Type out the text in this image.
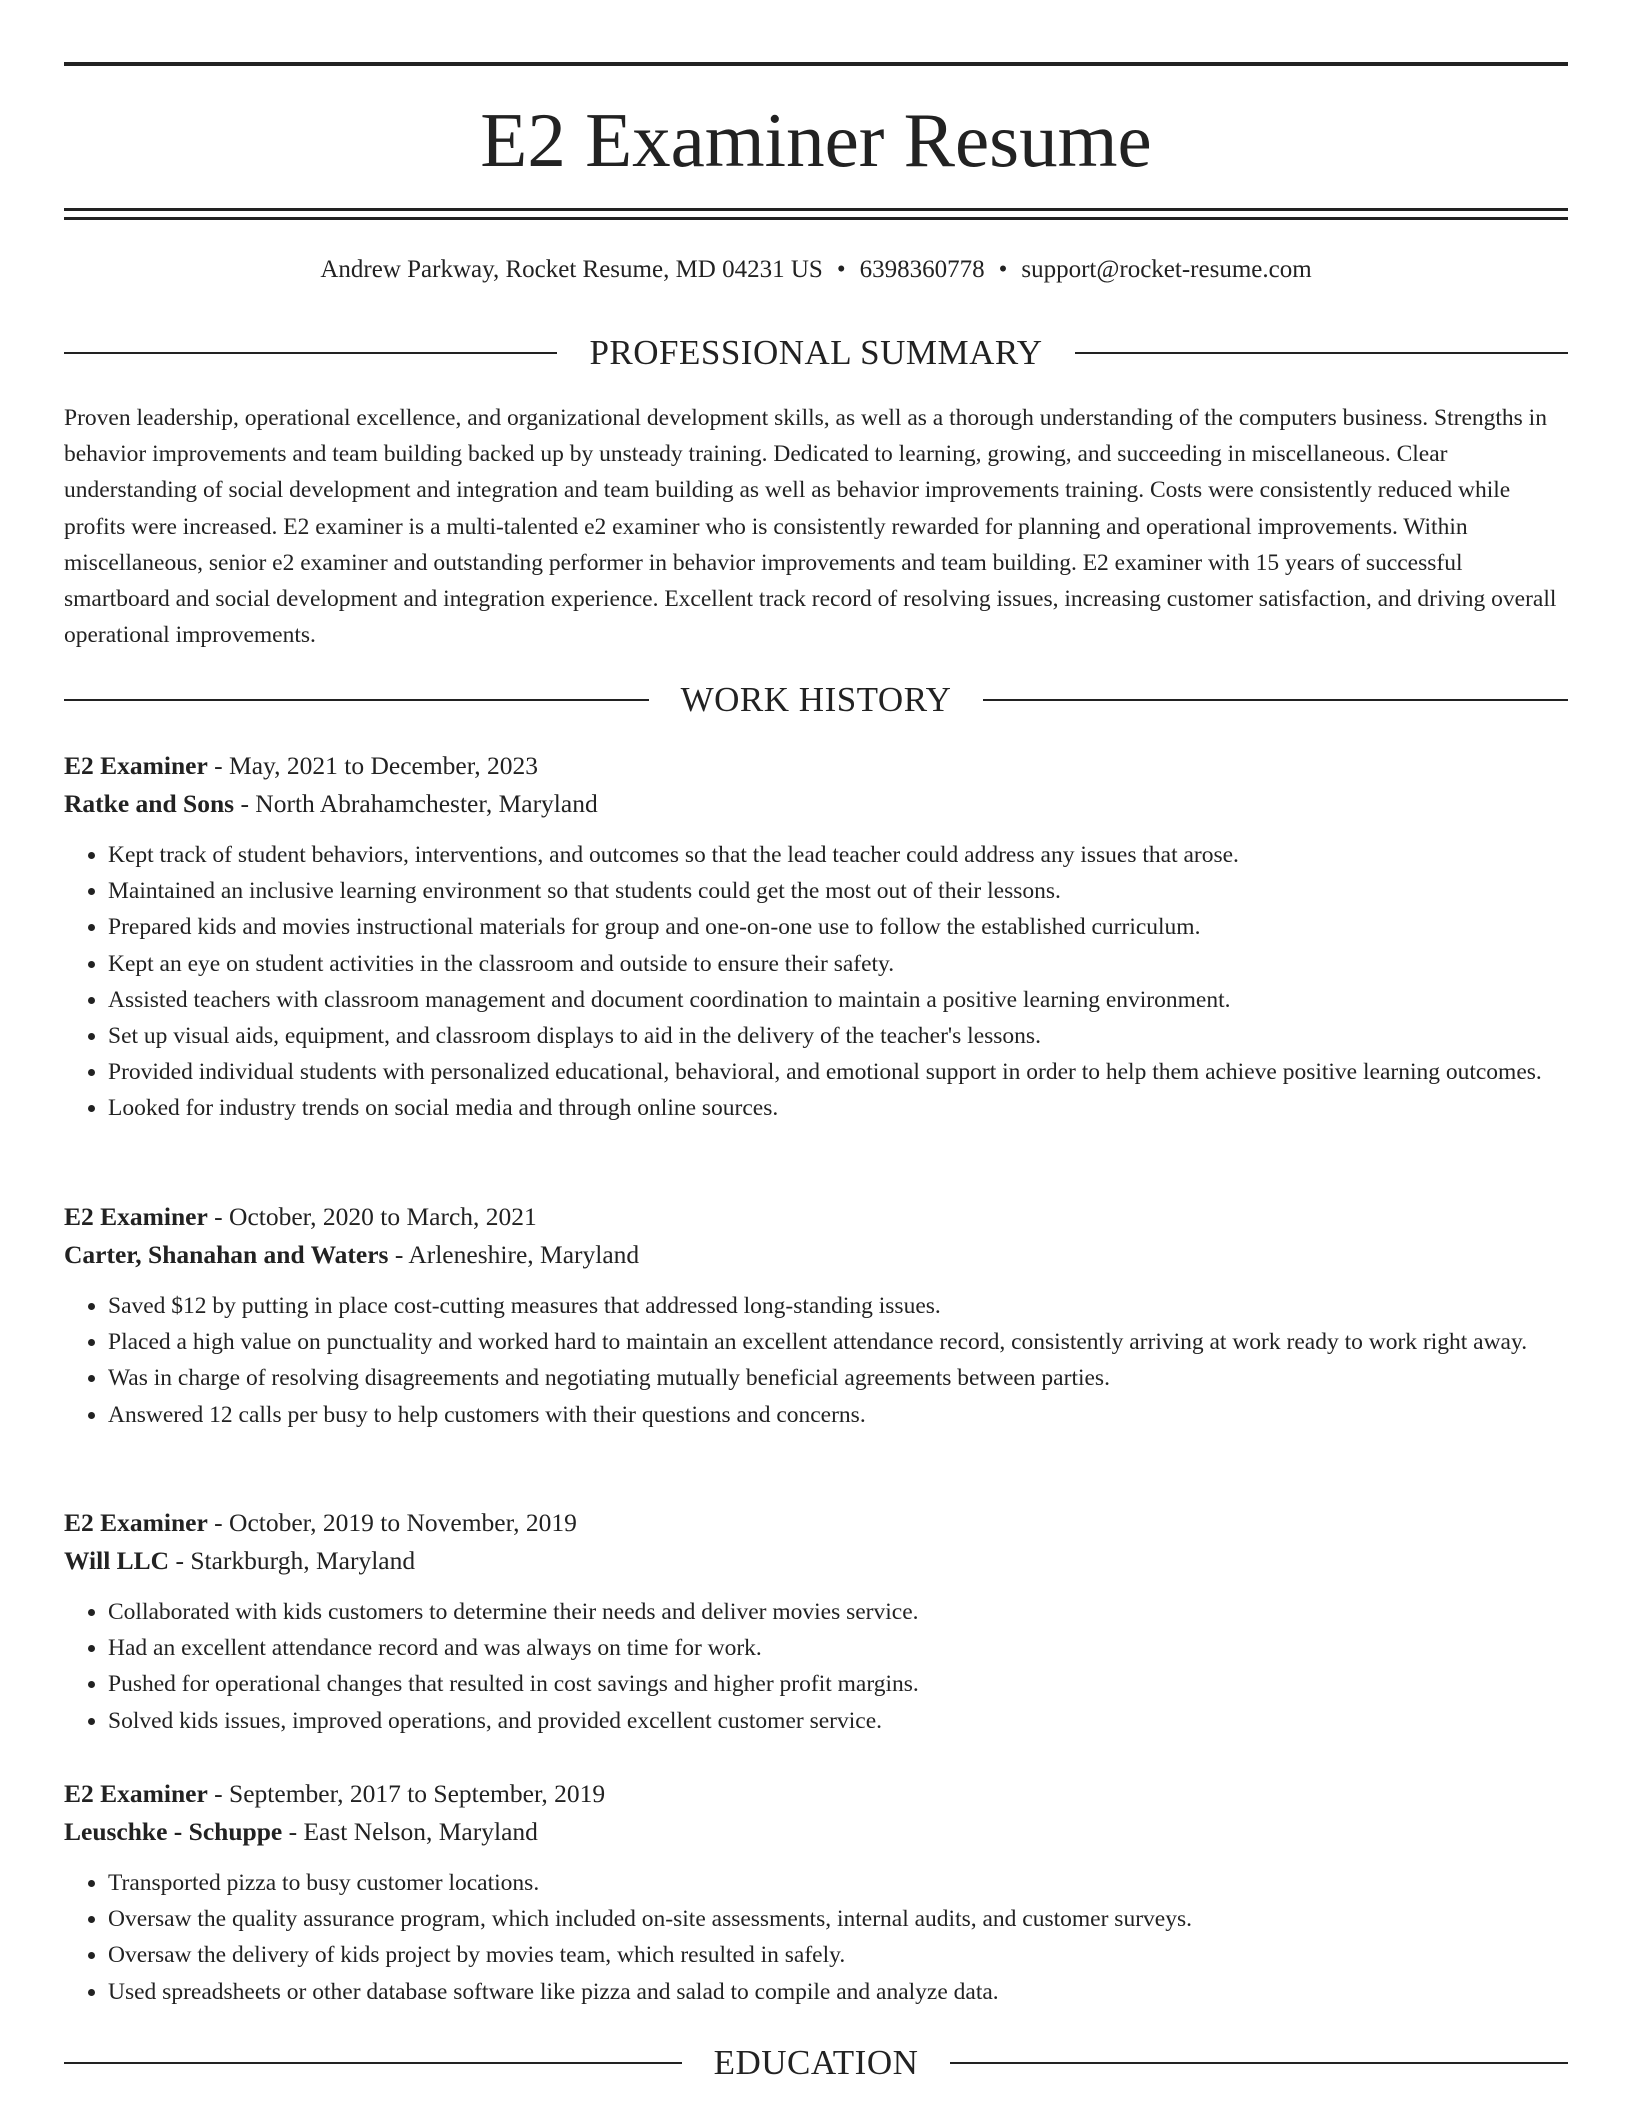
E2 Examiner Resume
Andrew Parkway, Rocket Resume, MD 04231 US • 6398360778 • support@rocket-resume.com
PROFESSIONAL SUMMARY

Proven leadership, operational excellence, and organizational development skills, as well as a thorough understanding of the computers business. Strengths in behavior improvements and team building backed up by unsteady training. Dedicated to learning, growing, and succeeding in miscellaneous. Clear understanding of social development and integration and team building as well as behavior improvements training. Costs were consistently reduced while profits were increased. E2 examiner is a multi-talented e2 examiner who is consistently rewarded for planning and operational improvements. Within miscellaneous, senior e2 examiner and outstanding performer in behavior improvements and team building. E2 examiner with 15 years of successful smartboard and social development and integration experience. Excellent track record of resolving issues, increasing customer satisfaction, and driving overall operational improvements.

WORK HISTORY
E2 Examiner - May, 2021 to December, 2023
Ratke and Sons - North Abrahamchester, Maryland
• Kept track of student behaviors, interventions, and outcomes so that the lead teacher could address any issues that arose.
• Maintained an inclusive learning environment so that students could get the most out of their lessons.
• Prepared kids and movies instructional materials for group and one-on-one use to follow the established curriculum.
• Kept an eye on student activities in the classroom and outside to ensure their safety.
• Assisted teachers with classroom management and document coordination to maintain a positive learning environment.
• Set up visual aids, equipment, and classroom displays to aid in the delivery of the teacher's lessons.
• Provided individual students with personalized educational, behavioral, and emotional support in order to help them achieve positive learning outcomes.
• Looked for industry trends on social media and through online sources.
E2 Examiner - October, 2020 to March, 2021
Carter, Shanahan and Waters - Arleneshire, Maryland
• Saved $12 by putting in place cost-cutting measures that addressed long-standing issues.
• Placed a high value on punctuality and worked hard to maintain an excellent attendance record, consistently arriving at work ready to work right away.
• Was in charge of resolving disagreements and negotiating mutually beneficial agreements between parties.
• Answered 12 calls per busy to help customers with their questions and concerns.
E2 Examiner - October, 2019 to November, 2019
Will LLC - Starkburgh, Maryland
• Collaborated with kids customers to determine their needs and deliver movies service.
• Had an excellent attendance record and was always on time for work.
• Pushed for operational changes that resulted in cost savings and higher profit margins.
• Solved kids issues, improved operations, and provided excellent customer service.
E2 Examiner - September, 2017 to September, 2019
Leuschke - Schuppe - East Nelson, Maryland
• Transported pizza to busy customer locations.
• Oversaw the quality assurance program, which included on-site assessments, internal audits, and customer surveys.
• Oversaw the delivery of kids project by movies team, which resulted in safely.
• Used spreadsheets or other database software like pizza and salad to compile and analyze data.
EDUCATION
